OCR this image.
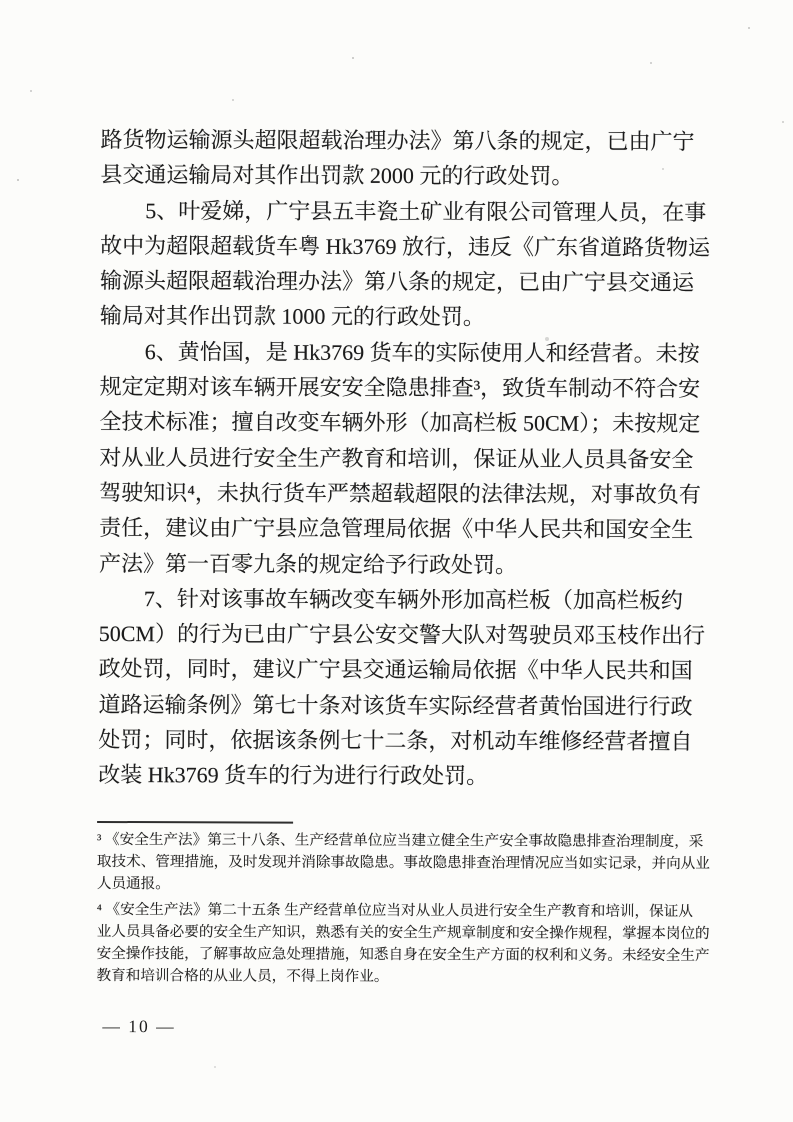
路货物运输源头超限超载治理办法》第八条的规定，已由广宁
县交通运输局对其作出罚款 2000 元的行政处罚。
5、叶爱娣，广宁县五丰瓷土矿业有限公司管理人员，在事
故中为超限超载货车粤 Hk3769 放行，违反《广东省道路货物运
输源头超限超载治理办法》第八条的规定，已由广宁县交通运
输局对其作出罚款 1000 元的行政处罚。
6、黄怡国，是 Hk3769 货车的实际使用人和经营者。未按
规定定期对该车辆开展安安全隐患排查³，致货车制动不符合安
全技术标准；擅自改变车辆外形（加高栏板 50CM）；未按规定
对从业人员进行安全生产教育和培训，保证从业人员具备安全
驾驶知识⁴，未执行货车严禁超载超限的法律法规，对事故负有
责任，建议由广宁县应急管理局依据《中华人民共和国安全生
产法》第一百零九条的规定给予行政处罚。
7、针对该事故车辆改变车辆外形加高栏板（加高栏板约
50CM）的行为已由广宁县公安交警大队对驾驶员邓玉枝作出行
政处罚，同时，建议广宁县交通运输局依据《中华人民共和国
道路运输条例》第七十条对该货车实际经营者黄怡国进行行政
处罚；同时，依据该条例七十二条，对机动车维修经营者擅自
改装 Hk3769 货车的行为进行行政处罚。
³ 《安全生产法》第三十八条、生产经营单位应当建立健全生产安全事故隐患排查治理制度，采
取技术、管理措施，及时发现并消除事故隐患。事故隐患排查治理情况应当如实记录，并向从业
人员通报。
⁴ 《安全生产法》第二十五条 生产经营单位应当对从业人员进行安全生产教育和培训，保证从
业人员具备必要的安全生产知识，熟悉有关的安全生产规章制度和安全操作规程，掌握本岗位的
安全操作技能，了解事故应急处理措施，知悉自身在安全生产方面的权利和义务。未经安全生产
教育和培训合格的从业人员，不得上岗作业。
— 10 —
